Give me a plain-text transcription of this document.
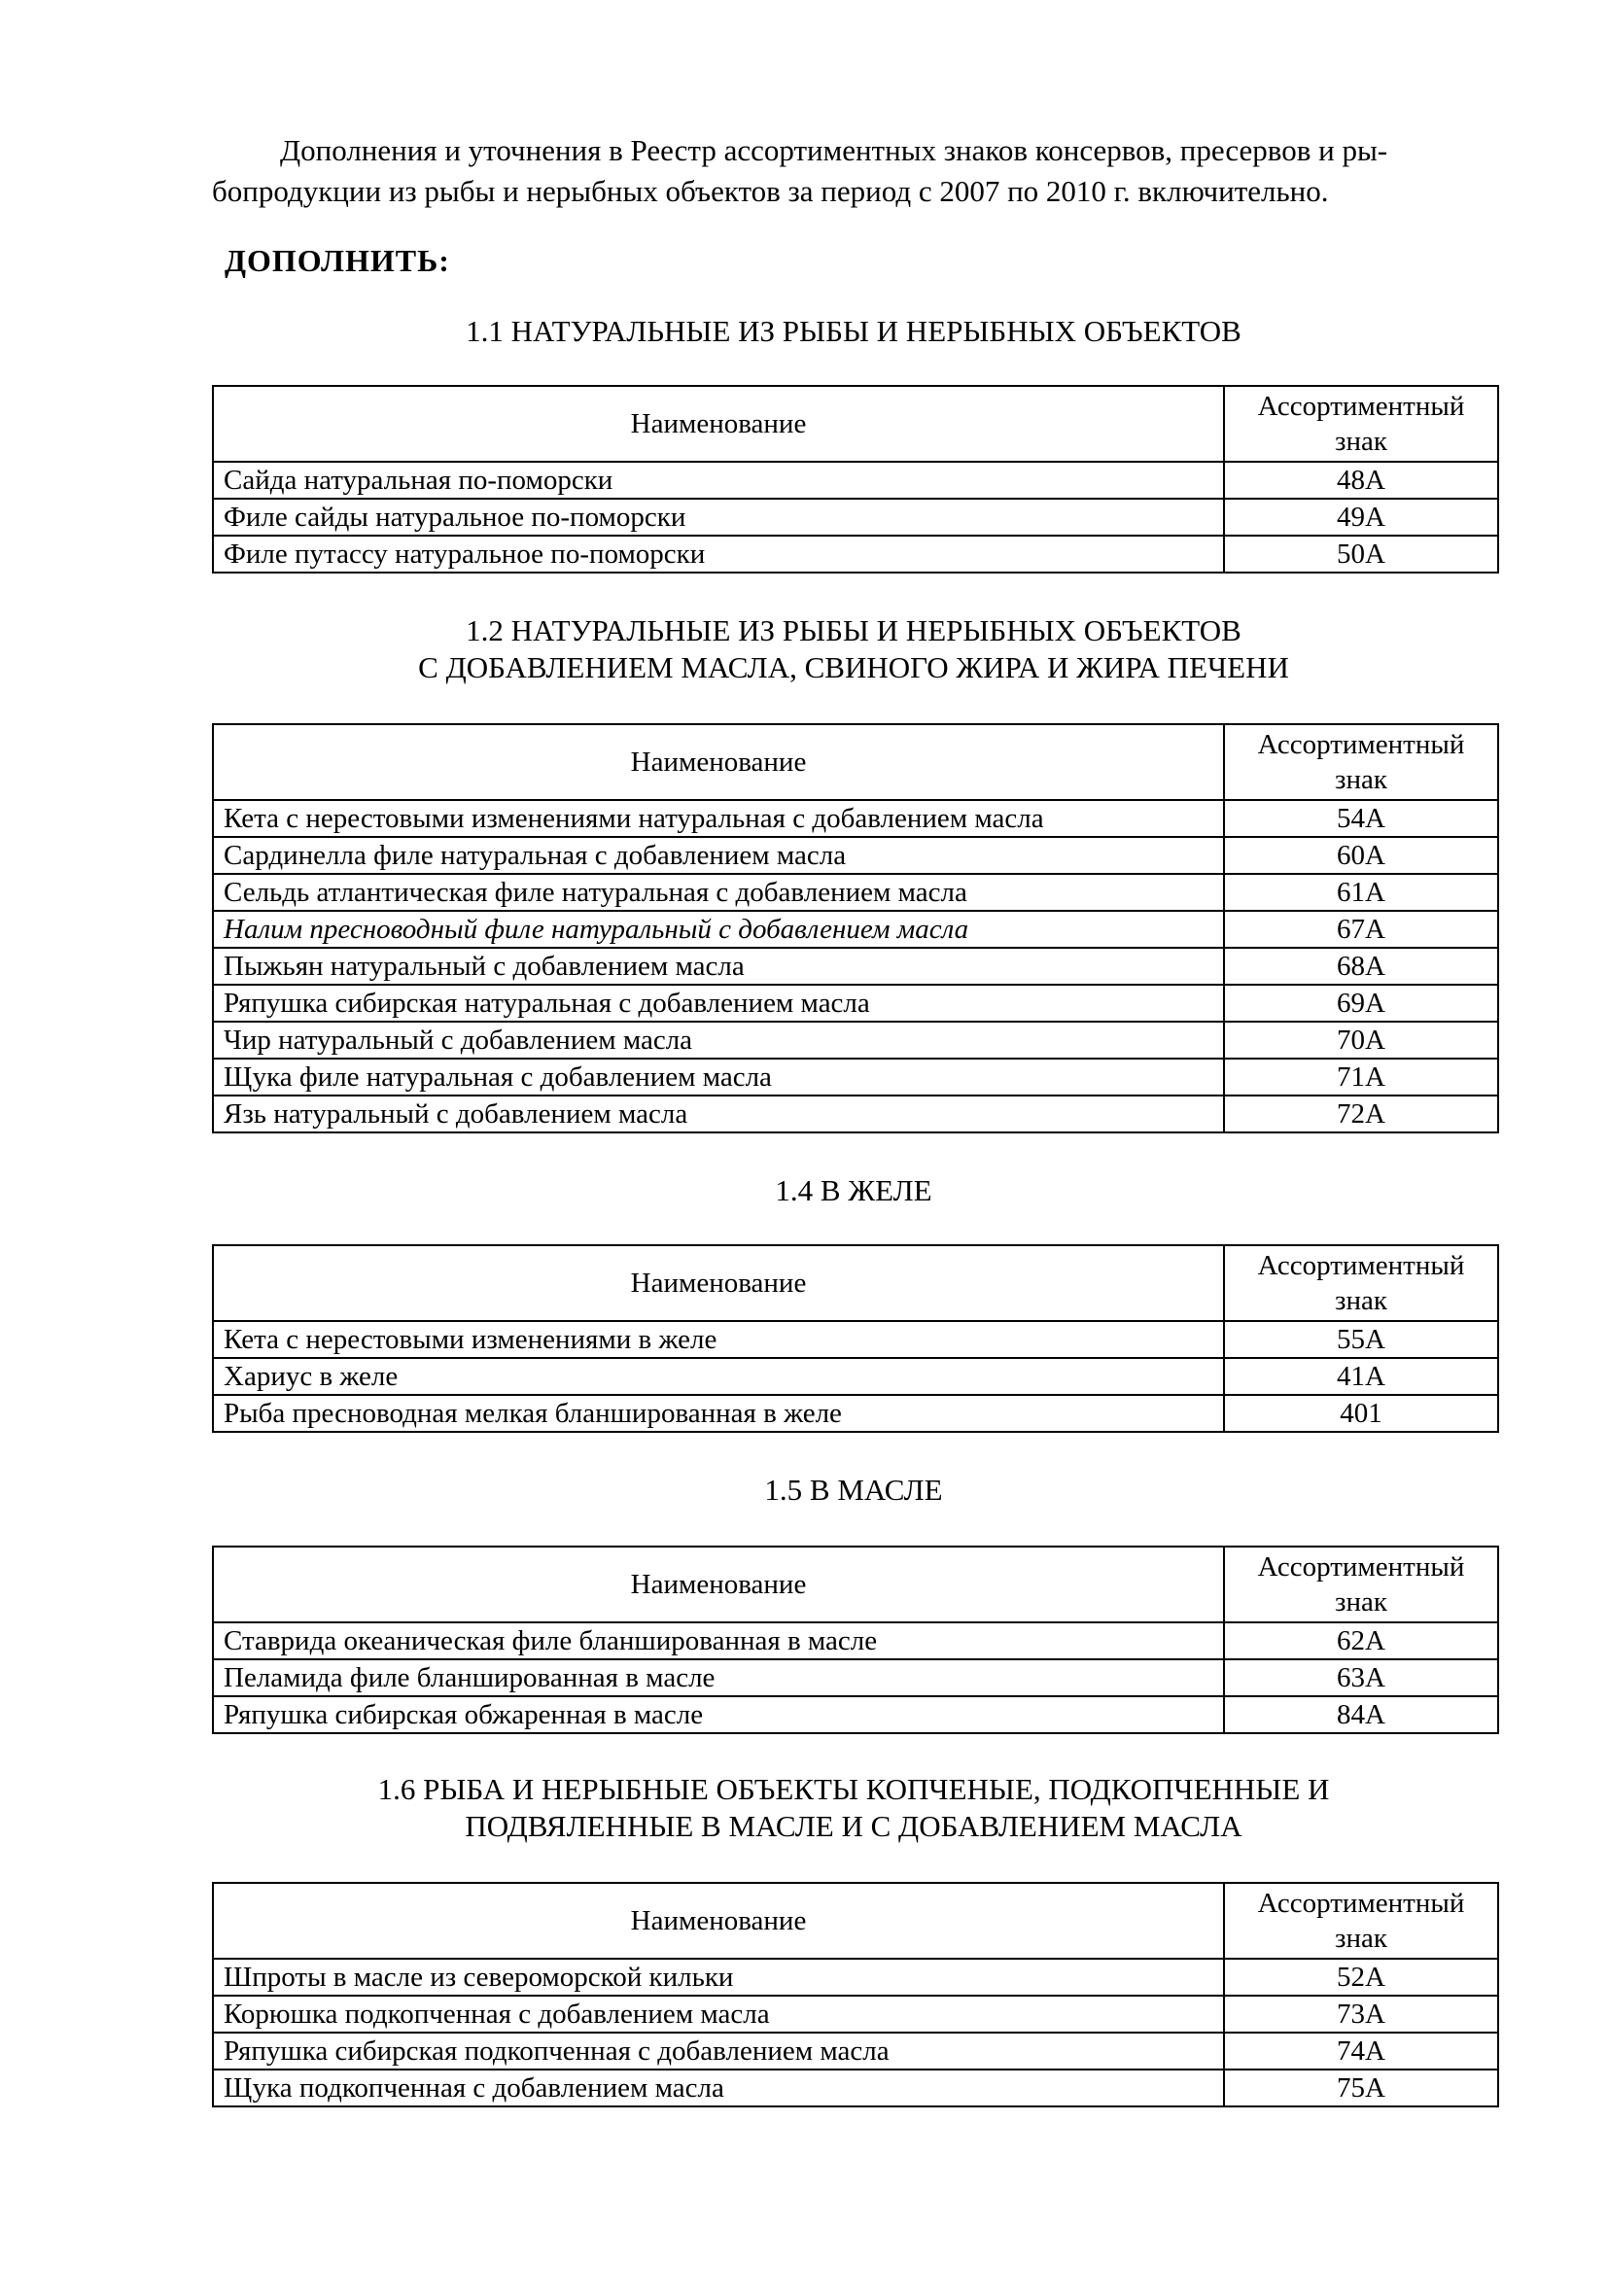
Дополнения и уточнения в Реестр ассортиментных знаков консервов, пресервов и ры-

бопродукции из рыбы и нерыбных объектов за период с 2007 по 2010 г. включительно.
ДОПОЛНИТЬ:
1.1 НАТУРАЛЬНЫЕ ИЗ РЫБЫ И НЕРЫБНЫХ ОБЪЕКТОВ
Наименование	Ассортиментный
знак

Сайда натуральная по-поморски	48А
Филе сайды натуральное по-поморски	49А
Филе путассу натуральное по-поморски	50А
1.2 НАТУРАЛЬНЫЕ ИЗ РЫБЫ И НЕРЫБНЫХ ОБЪЕКТОВ
С ДОБАВЛЕНИЕМ МАСЛА, СВИНОГО ЖИРА И ЖИРА ПЕЧЕНИ
Наименование	Ассортиментный
знак

Кета с нерестовыми изменениями натуральная с добавлением масла	54А
Сардинелла филе натуральная с добавлением масла	60А
Сельдь атлантическая филе натуральная с добавлением масла	61А
Налим пресноводный филе натуральный с добавлением масла	67А
Пыжьян натуральный с добавлением масла	68А
Ряпушка сибирская натуральная с добавлением масла	69А
Чир натуральный с добавлением масла	70А
Щука филе натуральная с добавлением масла	71А
Язь натуральный с добавлением масла	72А
1.4 В ЖЕЛЕ
Наименование	Ассортиментный
знак

Кета с нерестовыми изменениями в желе	55А
Хариус в желе	41А
Рыба пресноводная мелкая бланшированная в желе	401
1.5 В МАСЛЕ
Наименование	Ассортиментный
знак

Ставрида океаническая филе бланшированная в масле	62А
Пеламида филе бланшированная в масле	63А
Ряпушка сибирская обжаренная в масле	84А
1.6 РЫБА И НЕРЫБНЫЕ ОБЪЕКТЫ КОПЧЕНЫЕ, ПОДКОПЧЕННЫЕ И
ПОДВЯЛЕННЫЕ В МАСЛЕ И С ДОБАВЛЕНИЕМ МАСЛА
Наименование	Ассортиментный
знак

Шпроты в масле из североморской кильки	52А
Корюшка подкопченная с добавлением масла	73А
Ряпушка сибирская подкопченная с добавлением масла	74А
Щука подкопченная с добавлением масла	75А
